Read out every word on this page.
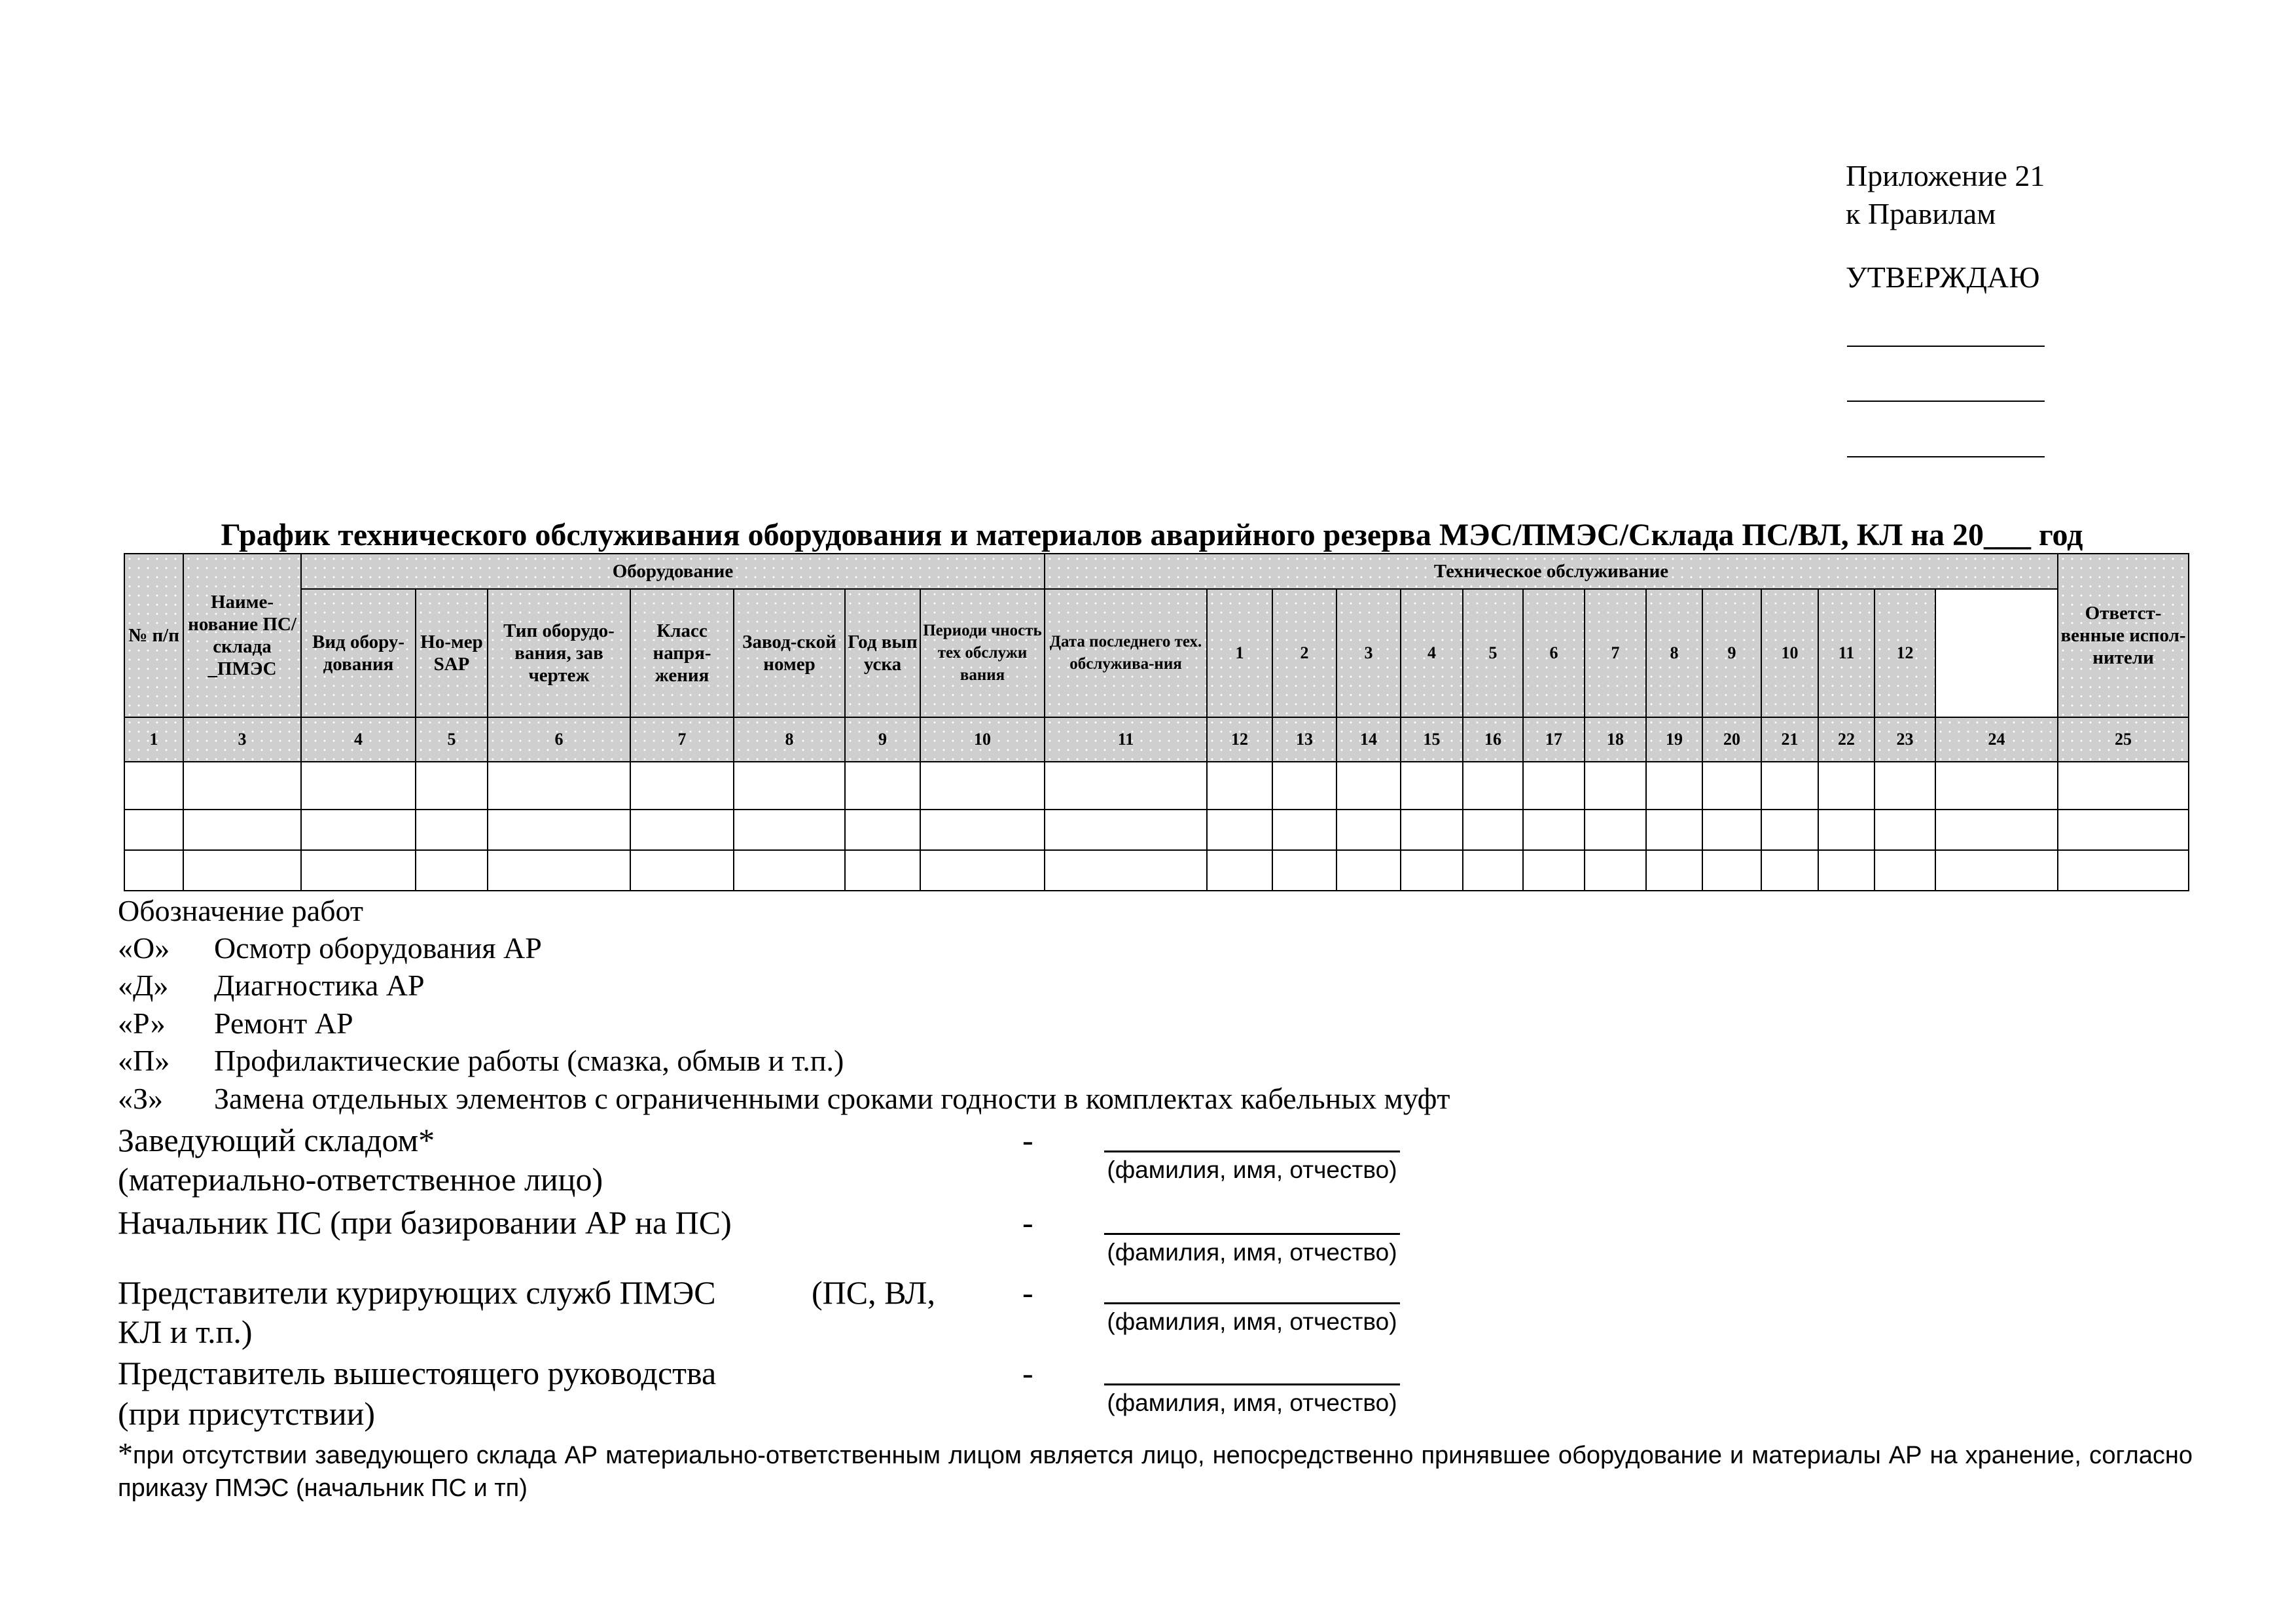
Приложение 21
к Правилам
УТВЕРЖДАЮ
График технического обслуживания оборудования и материалов аварийного резерва МЭС/ПМЭС/Склада ПС/ВЛ, КЛ на 20___ год
№ п/п	Наиме-нование ПС/ склада _ПМЭС	Оборудование							Техническое обслуживание														Ответст-венные испол-нители	
		Вид обору-дования	Но-мер SAP	Тип оборудо-вания, зав чертеж	Класс напря-жения	Завод-ской номер	Год вып уска	Периоди чность тех обслужи вания	Дата последнего тех. обслужива-ния	1	2	3	4	5	6	7	8	9	10	11	12			
1	3	4	5	6	7	8	9	10	11	12	13	14	15	16	17	18	19	20	21	22	23	24	25	

Обозначение работ
«О» Осмотр оборудования АР
«Д» Диагностика АР
«Р» Ремонт АР
«П» Профилактические работы (смазка, обмыв и т.п.)
«З» Замена отдельных элементов с ограниченными сроками годности в комплектах кабельных муфт
Заведующий складом*
(материально-ответственное лицо)
-
(фамилия, имя, отчество)
Начальник ПС (при базировании АР на ПС)	-
(фамилия, имя, отчество)
Представители курирующих служб ПМЭС	(ПС, ВЛ,
КЛ и т.п.)
-
(фамилия, имя, отчество)
Представитель вышестоящего руководства
(при присутствии)
-
(фамилия, имя, отчество)
*при отсутствии заведующего склада АР материально-ответственным лицом является лицо, непосредственно принявшее оборудование и материалы АР на хранение, согласно приказу ПМЭС (начальник ПС и тп)
